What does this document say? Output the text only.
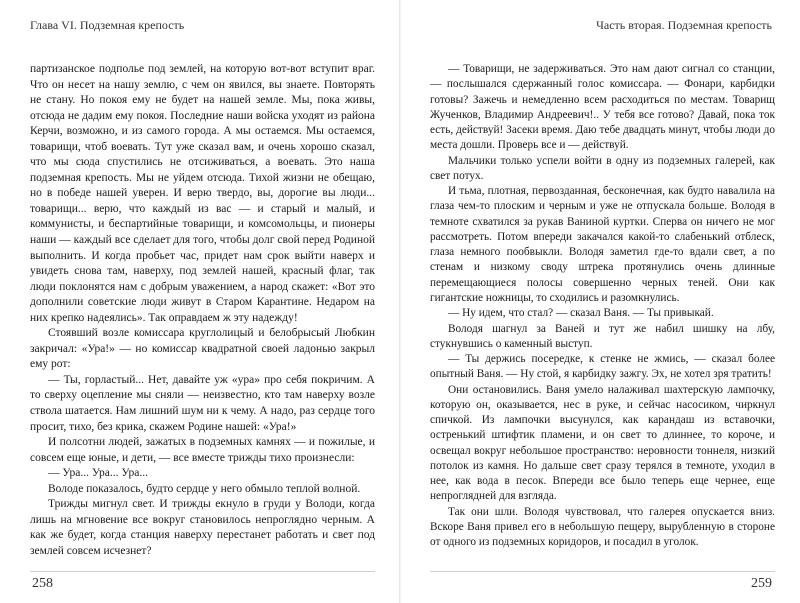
Глава VI. Подземная крепость

партизанское подполье под землей, на которую вот-вот вступит враг. Что он несет на нашу землю, с чем он явился, вы знаете. Повторять не стану. Но покоя ему не будет на нашей земле. Мы, пока живы, отсюда не дадим ему покоя. Последние наши войска уходят из района Керчи, возможно, и из самого города. А мы остаемся. Мы остаемся, товарищи, чтоб воевать. Тут уже сказал вам, и очень хорошо сказал, что мы сюда спустились не отсиживаться, а воевать. Это наша подземная крепость. Мы не уйдем отсюда. Тихой жизни не обещаю, но в победе нашей уверен. И верю твердо, вы, дорогие вы люди... товарищи... верю, что каждый из вас — и старый и малый, и коммунисты, и беспартийные товарищи, и комсомольцы, и пионеры наши — каждый все сделает для того, чтобы долг свой перед Родиной выполнить. И когда пробьет час, придет нам срок выйти наверх и увидеть снова там, наверху, под землей нашей, красный флаг, так люди поклонятся нам с добрым уважением, а народ скажет: «Вот это дополнили советские люди живут в Старом Карантине. Недаром на них крепко надеялись». Так оправдаем ж эту надежду!

Стоявший возле комиссара круглолицый и белобрысый Любкин закричал: «Ура!» — но комиссар квадратной своей ладонью закрыл ему рот:

— Ты, горластый... Нет, давайте уж «ура» про себя покричим. А то сверху оцепление мы сняли — неизвестно, кто там наверху возле ствола шатается. Нам лишний шум ни к чему. А надо, раз сердце того просит, тихо, без крика, скажем Родине нашей: «Ура!»

И полсотни людей, зажатых в подземных камнях — и пожилые, и совсем еще юные, и дети, — все вместе трижды тихо произнесли:

— Ура... Ура... Ура...

Володе показалось, будто сердце у него обмыло теплой волной.

Трижды мигнул свет. И трижды екнуло в груди у Володи, когда лишь на мгновение все вокруг становилось непроглядно черным. А как же будет, когда станция наверху перестанет работать и свет под землей совсем исчезнет?

258
Часть вторая. Подземная крепость

— Товарищи, не задерживаться. Это нам дают сигнал со станции, — послышался сдержанный голос комиссара. — Фонари, карбидки готовы? Зажечь и немедленно всем расходиться по местам. Товарищ Жученков, Владимир Андреевич!.. У тебя все готово? Давай, пока ток есть, действуй! Засеки время. Даю тебе двадцать минут, чтобы люди до места дошли. Проверь все и — действуй.

Мальчики только успели войти в одну из подземных галерей, как свет потух.

И тьма, плотная, первозданная, бесконечная, как будто навалила на глаза чем-то плоским и черным и уже не отпускала больше. Володя в темноте схватился за рукав Ваниной куртки. Сперва он ничего не мог рассмотреть. Потом впереди закачался какой-то слабенький отблеск, глаза немного пообвыкли. Володя заметил где-то вдали свет, а по стенам и низкому своду штрека протянулись очень длинные перемещающиеся полосы совершенно черных теней. Они как гигантские ножницы, то сходились и разомкнулись.

— Ну идем, что стал? — сказал Ваня. — Ты привыкай.

Володя шагнул за Ваней и тут же набил шишку на лбу, стукнувшись о каменный выступ.

— Ты держись посередке, к стенке не жмись, — сказал более опытный Ваня. — Ну стой, я карбидку зажгу. Эх, не хотел зря тратить!

Они остановились. Ваня умело налаживал шахтерскую лампочку, которую он, оказывается, нес в руке, и сейчас насосиком, чиркнул спичкой. Из лампочки высунулся, как карандаш из вставочки, остренький штифтик пламени, и он свет то длиннее, то короче, и освещал вокруг небольшое пространство: неровности тоннеля, низкий потолок из камня. Но дальше свет сразу терялся в темноте, уходил в нее, как вода в песок. Впереди все было теперь еще чернее, еще непроглядней для взгляда.

Так они шли. Володя чувствовал, что галерея опускается вниз. Вскоре Ваня привел его в небольшую пещеру, вырубленную в стороне от одного из подземных коридоров, и посадил в уголок.

259
